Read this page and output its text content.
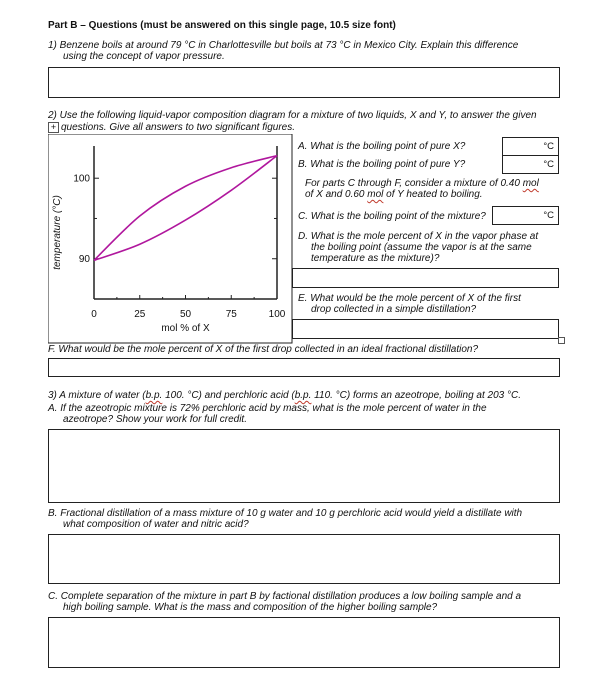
Part B – Questions (must be answered on this single page, 10.5 size font)
1) Benzene boils at around 79 °C in Charlottesville but boils at 73 °C in Mexico City. Explain this difference
using the concept of vapor pressure.
2) Use the following liquid-vapor composition diagram for a mixture of two liquids, X and Y, to answer the given
+ questions. Give all answers to two significant figures.
90
100
0	25	50	75	100
mol % of X
temperature (°C)
A. What is the boiling point of pure X?	°C
B. What is the boiling point of pure Y?	°C
For parts C through F, consider a mixture of 0.40 mol
of X and 0.60 mol of Y heated to boiling.
C. What is the boiling point of the mixture?	°C
D. What is the mole percent of X in the vapor phase at
the boiling point (assume the vapor is at the same
temperature as the mixture)?
E. What would be the mole percent of X of the first
drop collected in a simple distillation?
F. What would be the mole percent of X of the first drop collected in an ideal fractional distillation?
3) A mixture of water (b.p. 100. °C) and perchloric acid (b.p. 110. °C) forms an azeotrope, boiling at 203 °C.
A. If the azeotropic mixture is 72% perchloric acid by mass, what is the mole percent of water in the
azeotrope? Show your work for full credit.
B. Fractional distillation of a mass mixture of 10 g water and 10 g perchloric acid would yield a distillate with
what composition of water and nitric acid?
C. Complete separation of the mixture in part B by factional distillation produces a low boiling sample and a
high boiling sample. What is the mass and composition of the higher boiling sample?
